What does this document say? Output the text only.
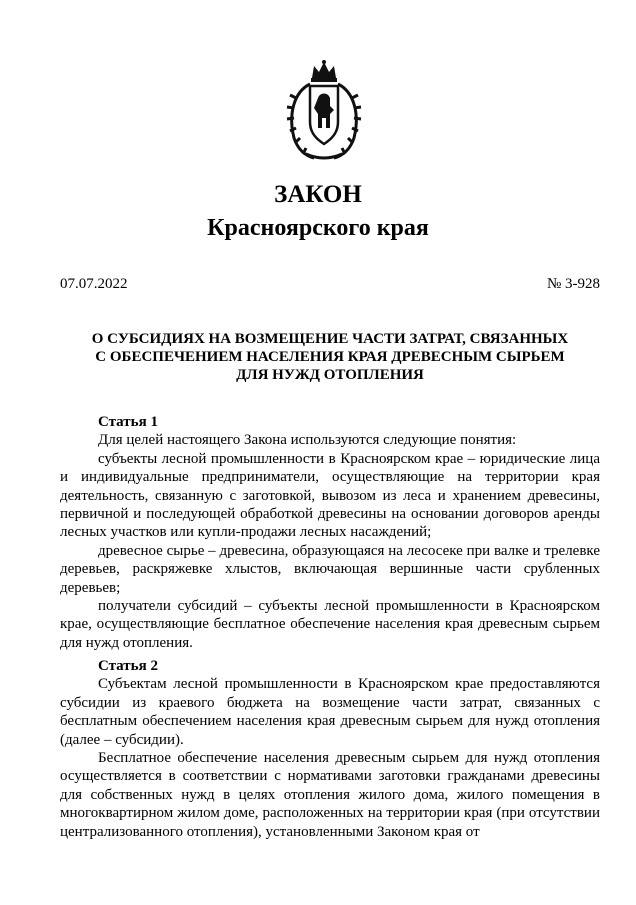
ЗАКОН
Красноярского края
07.07.2022	№ 3-928
О СУБСИДИЯХ НА ВОЗМЕЩЕНИЕ ЧАСТИ ЗАТРАТ, СВЯЗАННЫХ
С ОБЕСПЕЧЕНИЕМ НАСЕЛЕНИЯ КРАЯ ДРЕВЕСНЫМ СЫРЬЕМ
ДЛЯ НУЖД ОТОПЛЕНИЯ

Статья 1

Для целей настоящего Закона используются следующие понятия:

субъекты лесной промышленности в Красноярском крае – юридические лица и индивидуальные предприниматели, осуществляющие на территории края деятельность, связанную с заготовкой, вывозом из леса и хранением древесины, первичной и последующей обработкой древесины на основании договоров аренды лесных участков или купли-продажи лесных насаждений;

древесное сырье – древесина, образующаяся на лесосеке при валке и трелевке деревьев, раскряжевке хлыстов, включающая вершинные части срубленных деревьев;

получатели субсидий – субъекты лесной промышленности в Красноярском крае, осуществляющие бесплатное обеспечение населения края древесным сырьем для нужд отопления.

Статья 2

Субъектам лесной промышленности в Красноярском крае предоставляются субсидии из краевого бюджета на возмещение части затрат, связанных с бесплатным обеспечением населения края древесным сырьем для нужд отопления (далее – субсидии).

Бесплатное обеспечение населения древесным сырьем для нужд отопления осуществляется в соответствии с нормативами заготовки гражданами древесины для собственных нужд в целях отопления жилого дома, жилого помещения в многоквартирном жилом доме, расположенных на территории края (при отсутствии централизованного отопления), установленными Законом края от
